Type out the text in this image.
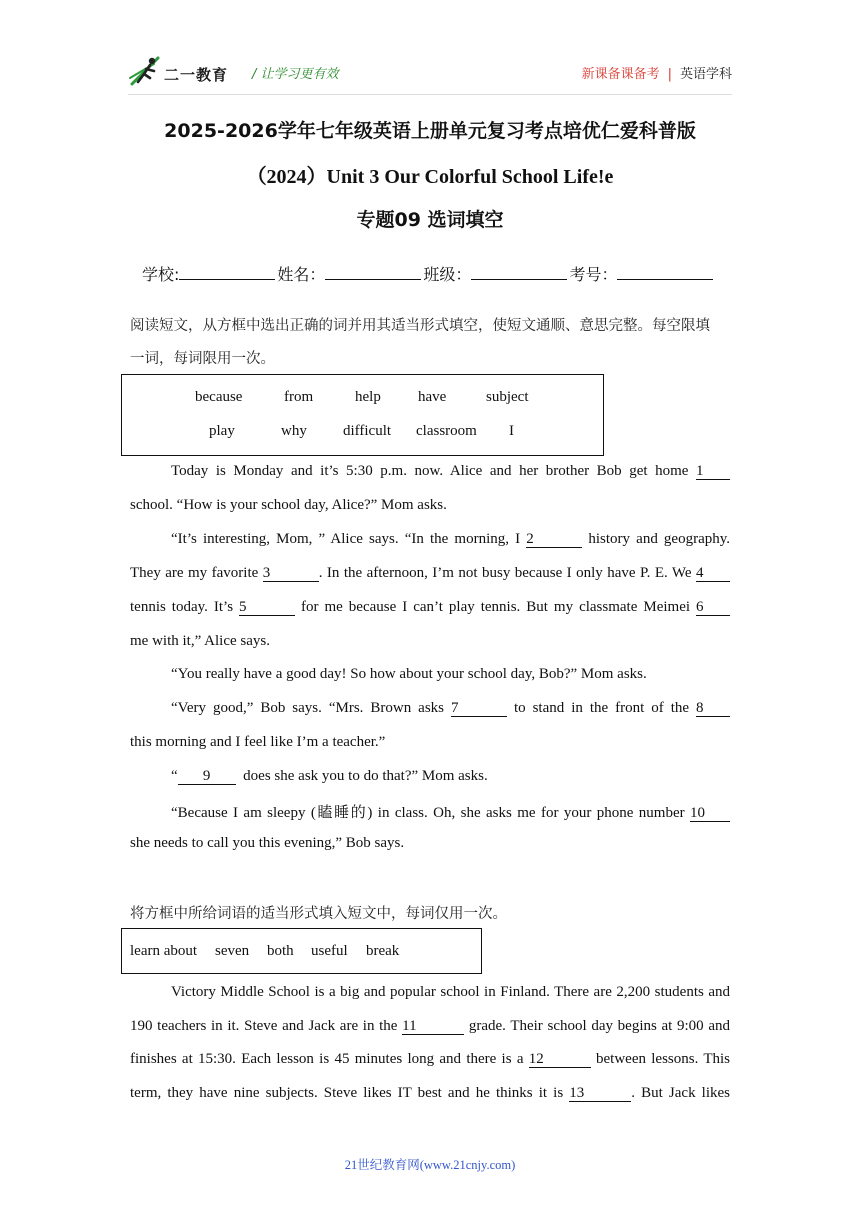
二一教育 / 让学习更有效	新课备课备考 | 英语学科
2025-2026学年七年级英语上册单元复习考点培优仁爱科普版
（2024）Unit 3 Our Colorful School Life!e
专题09 选词填空
学校:	姓名：	班级：	考号：
阅读短文，从方框中选出正确的词并用其适当形式填空，使短文通顺、意思完整。每空限填
一词，每词限用一次。
because	from	help have	subject
play	why difficult classroom I
Today is Monday and it’s 5:30 p.m. now. Alice and her brother Bob get home 1
school. “How is your school day, Alice?” Mom asks.
“It’s interesting, Mom, ” Alice says. “In the morning, I 2	history and geography.
They are my favorite 3	. In the afternoon, I’m not busy because I only have P. E. We 4
tennis today. It’s 5	for me because I can’t play tennis. But my classmate Meimei 6
me with it,” Alice says.
“You really have a good day! So how about your school day, Bob?” Mom asks.
“Very good,” Bob says. “Mrs. Brown asks 7	to stand in the front of the 8
this morning and I feel like I’m a teacher.”
“ 9 does she ask you to do that?” Mom asks.
“Because I am sleepy (瞌睡的) in class. Oh, she asks me for your phone number 10
she needs to call you this evening,” Bob says.
将方框中所给词语的适当形式填入短文中，每词仅用一次。
learn about seven both useful break
Victory Middle School is a big and popular school in Finland. There are 2,200 students and
190 teachers in it. Steve and Jack are in the 11	grade. Their school day begins at 9:00 and
finishes at 15:30. Each lesson is 45 minutes long and there is a 12	between lessons. This
term, they have nine subjects. Steve likes IT best and he thinks it is 13	. But Jack likes
21世纪教育网(www.21cnjy.com)
